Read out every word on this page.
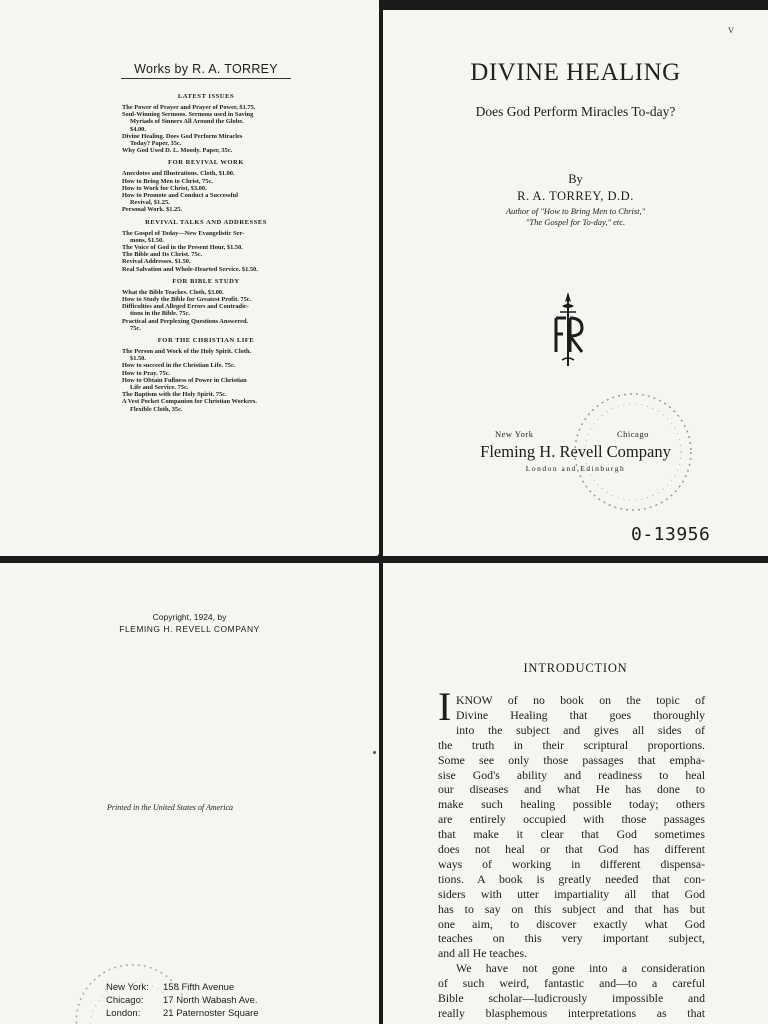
Works by R. A. TORREY

LATEST ISSUES

The Power of Prayer and Prayer of Power, $1.75.

Soul-Winning Sermons. Sermons used in Saving
Myriads of Sinners All Around the Globe.
$4.00.

Divine Healing. Does God Perform Miracles
Today? Paper, 35c.

Why God Used D. L. Moody. Paper, 35c.

FOR REVIVAL WORK

Anecdotes and Illustrations. Cloth, $1.00.

How to Bring Men to Christ, 75c.

How to Work for Christ, $3.00.

How to Promote and Conduct a Successful
Revival, $1.25.

Personal Work. $1.25.

REVIVAL TALKS AND ADDRESSES

The Gospel of Today—New Evangelistic Ser-
mons, $1.50.

The Voice of God in the Present Hour, $1.50.

The Bible and Its Christ. 75c.

Revival Addresses. $1.50.

Real Salvation and Whole-Hearted Service. $1.50.

FOR BIBLE STUDY

What the Bible Teaches. Cloth, $3.00.

How to Study the Bible for Greatest Profit. 75c.

Difficulties and Alleged Errors and Contradic-
tions in the Bible. 75c.

Practical and Perplexing Questions Answered.
75c.

FOR THE CHRISTIAN LIFE

The Person and Work of the Holy Spirit. Cloth.
$1.50.

How to succeed in the Christian Life. 75c.

How to Pray. 75c.

How to Obtain Fullness of Power in Christian
Life and Service. 75c.

The Baptism with the Holy Spirit. 75c.

A Vest Pocket Companion for Christian Workers.
Flexible Cloth, 35c.

v
DIVINE HEALING

Does God Perform Miracles To-day?

By

R. A. TORREY, D.D.

Author of "How to Bring Men to Christ,"

"The Gospel for To-day," etc.

New York	Chicago

Fleming H. Revell Company

London and Edinburgh

0-13956

Copyright, 1924, by

FLEMING H. REVELL COMPANY

Printed in the United States of America

New York: 158 Fifth Avenue

Chicago: 17 North Wabash Ave.

London: 21 Paternoster Square

INTRODUCTION

I KNOW of no book on the topic of

Divine Healing that goes thoroughly

into the subject and gives all sides of

the truth in their scriptural proportions.

Some see only those passages that empha-

sise God's ability and readiness to heal

our diseases and what He has done to

make such healing possible today; others

are entirely occupied with those passages

that make it clear that God sometimes

does not heal or that God has different

ways of working in different dispensa-

tions. A book is greatly needed that con-

siders with utter impartiality all that God

has to say on this subject and that has but

one aim, to discover exactly what God

teaches on this very important subject,

and all He teaches.

We have not gone into a consideration

of such weird, fantastic and—to a careful

Bible scholar—ludicrously impossible and

really blasphemous interpretations as that
